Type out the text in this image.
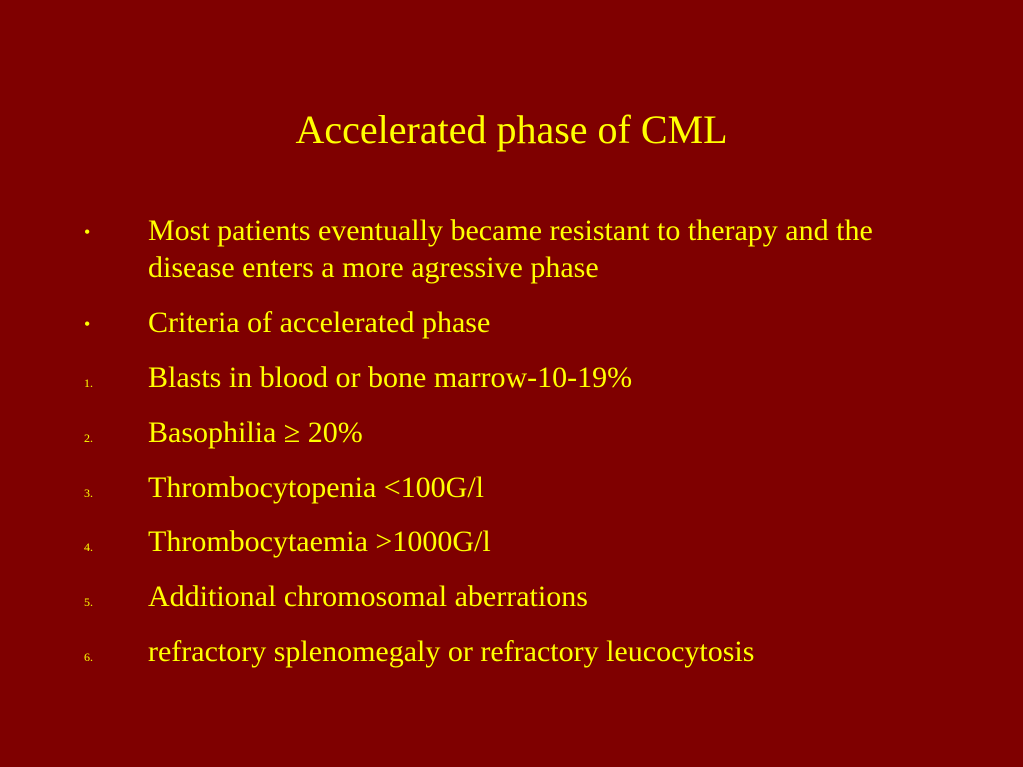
Accelerated phase of CML
• Most patients eventually became resistant to therapy and the disease enters a more agressive phase
• Criteria of accelerated phase
1. Blasts in blood or bone marrow-10-19%
2. Basophilia ≥ 20%
3. Thrombocytopenia <100G/l
4. Thrombocytaemia >1000G/l
5. Additional chromosomal aberrations
6. refractory splenomegaly or refractory leucocytosis
